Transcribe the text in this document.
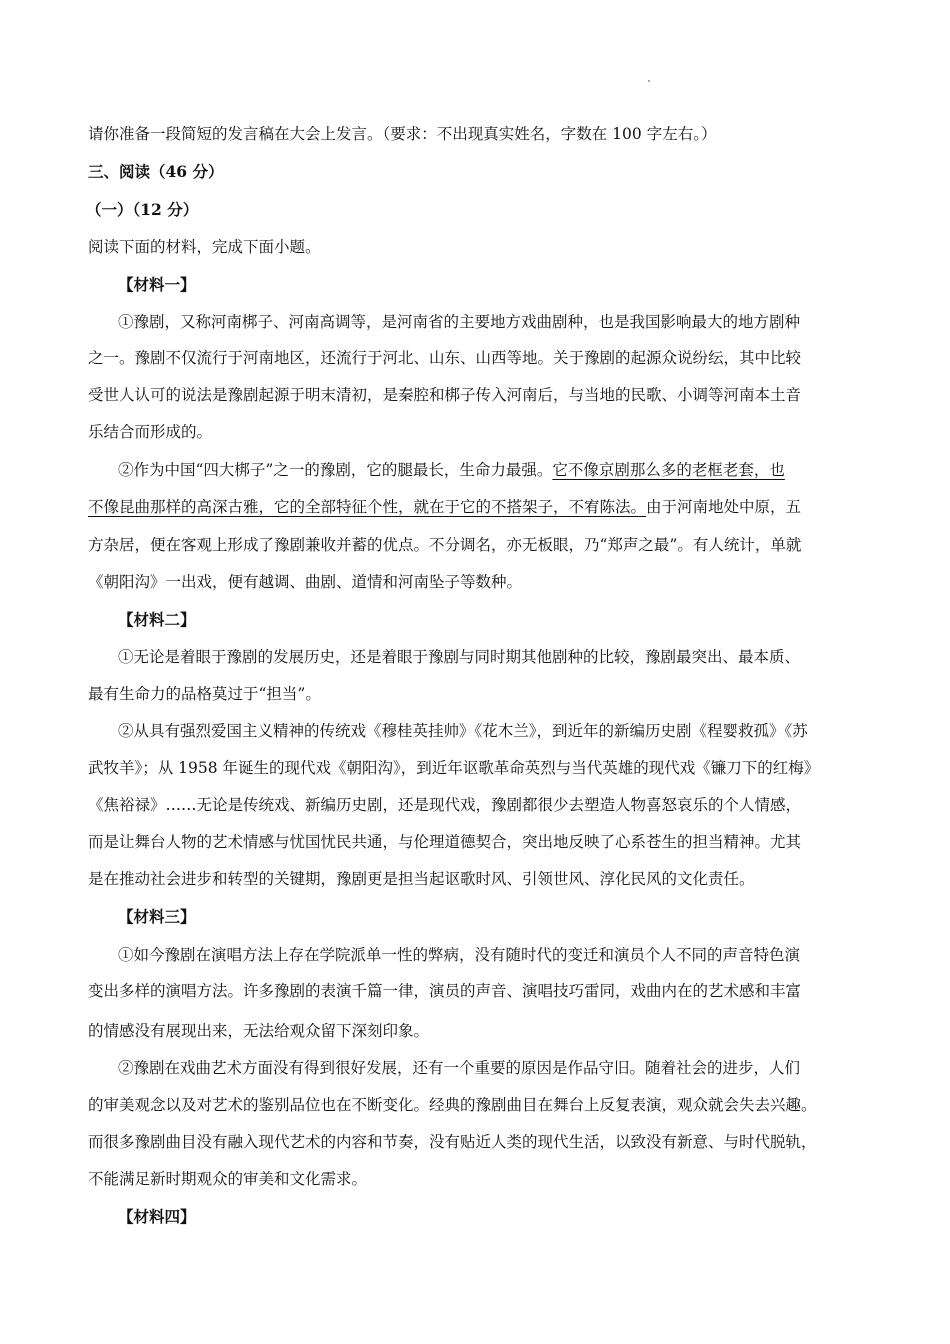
请你准备一段简短的发言稿在大会上发言。（要求：不出现真实姓名，字数在 100 字左右。）
三、阅读（46 分）
（一）（12 分）
阅读下面的材料，完成下面小题。
【材料一】
①豫剧，又称河南梆子、河南高调等，是河南省的主要地方戏曲剧种，也是我国影响最大的地方剧种
之一。豫剧不仅流行于河南地区，还流行于河北、山东、山西等地。关于豫剧的起源众说纷纭，其中比较
受世人认可的说法是豫剧起源于明末清初，是秦腔和梆子传入河南后，与当地的民歌、小调等河南本土音
乐结合而形成的。
②作为中国“四大梆子”之一的豫剧，它的腿最长，生命力最强。它不像京剧那么多的老框老套，也
不像昆曲那样的高深古雅，它的全部特征个性，就在于它的不搭架子，不宥陈法。由于河南地处中原，五
方杂居，便在客观上形成了豫剧兼收并蓄的优点。不分调名，亦无板眼，乃“郑声之最”。有人统计，单就
《朝阳沟》一出戏，便有越调、曲剧、道情和河南坠子等数种。
【材料二】
①无论是着眼于豫剧的发展历史，还是着眼于豫剧与同时期其他剧种的比较，豫剧最突出、最本质、
最有生命力的品格莫过于“担当”。
②从具有强烈爱国主义精神的传统戏《穆桂英挂帅》《花木兰》，到近年的新编历史剧《程婴救孤》《苏
武牧羊》；从 1958 年诞生的现代戏《朝阳沟》，到近年讴歌革命英烈与当代英雄的现代戏《镰刀下的红梅》
《焦裕禄》……无论是传统戏、新编历史剧，还是现代戏，豫剧都很少去塑造人物喜怒哀乐的个人情感，
而是让舞台人物的艺术情感与忧国忧民共通，与伦理道德契合，突出地反映了心系苍生的担当精神。尤其
是在推动社会进步和转型的关键期，豫剧更是担当起讴歌时风、引领世风、淳化民风的文化责任。
【材料三】
①如今豫剧在演唱方法上存在学院派单一性的弊病，没有随时代的变迁和演员个人不同的声音特色演
变出多样的演唱方法。许多豫剧的表演千篇一律，演员的声音、演唱技巧雷同，戏曲内在的艺术感和丰富
的情感没有展现出来，无法给观众留下深刻印象。
②豫剧在戏曲艺术方面没有得到很好发展，还有一个重要的原因是作品守旧。随着社会的进步，人们
的审美观念以及对艺术的鉴别品位也在不断变化。经典的豫剧曲目在舞台上反复表演，观众就会失去兴趣。
而很多豫剧曲目没有融入现代艺术的内容和节奏，没有贴近人类的现代生活，以致没有新意、与时代脱轨，
不能满足新时期观众的审美和文化需求。
【材料四】
